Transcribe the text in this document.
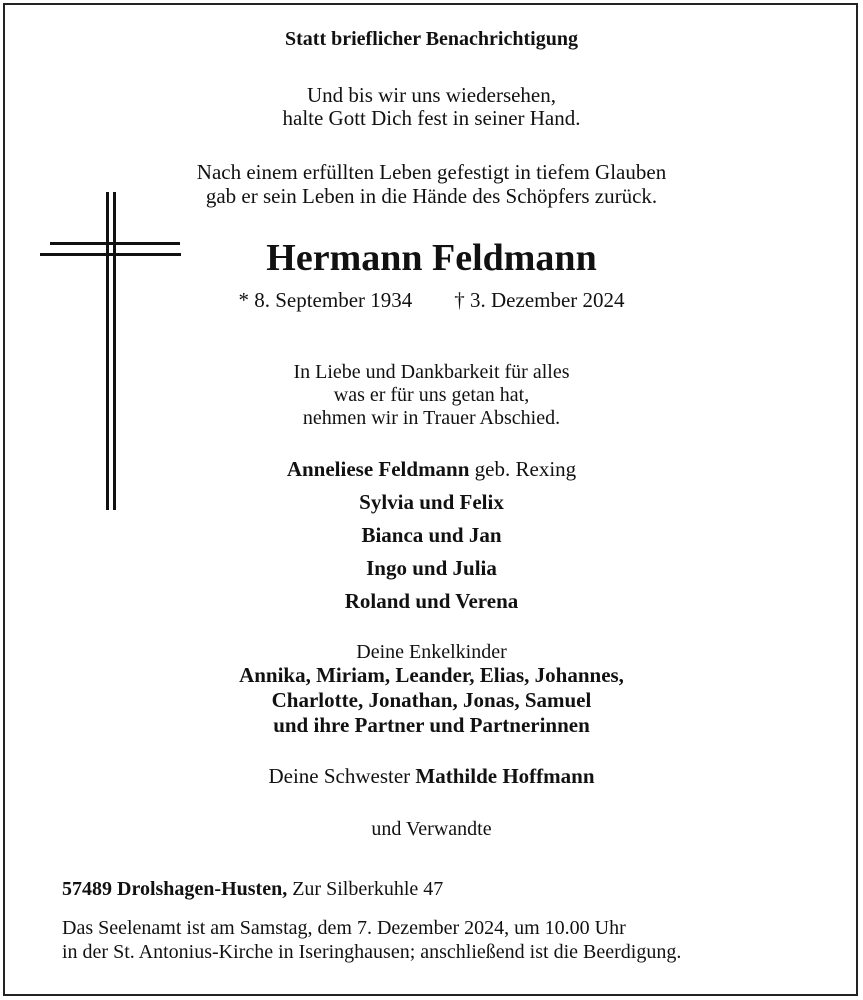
Statt brieflicher Benachrichtigung
Und bis wir uns wiedersehen,
halte Gott Dich fest in seiner Hand.
Nach einem erfüllten Leben gefestigt in tiefem Glauben
gab er sein Leben in die Hände des Schöpfers zurück.
Hermann Feldmann
* 8. September 1934 † 3. Dezember 2024
In Liebe und Dankbarkeit für alles
was er für uns getan hat,
nehmen wir in Trauer Abschied.
Anneliese Feldmann geb. Rexing
Sylvia und Felix
Bianca und Jan
Ingo und Julia
Roland und Verena
Deine Enkelkinder
Annika, Miriam, Leander, Elias, Johannes,
Charlotte, Jonathan, Jonas, Samuel
und ihre Partner und Partnerinnen
Deine Schwester Mathilde Hoffmann
und Verwandte
57489 Drolshagen-Husten, Zur Silberkuhle 47
Das Seelenamt ist am Samstag, dem 7. Dezember 2024, um 10.00 Uhr
in der St. Antonius-Kirche in Iseringhausen; anschließend ist die Beerdigung.
